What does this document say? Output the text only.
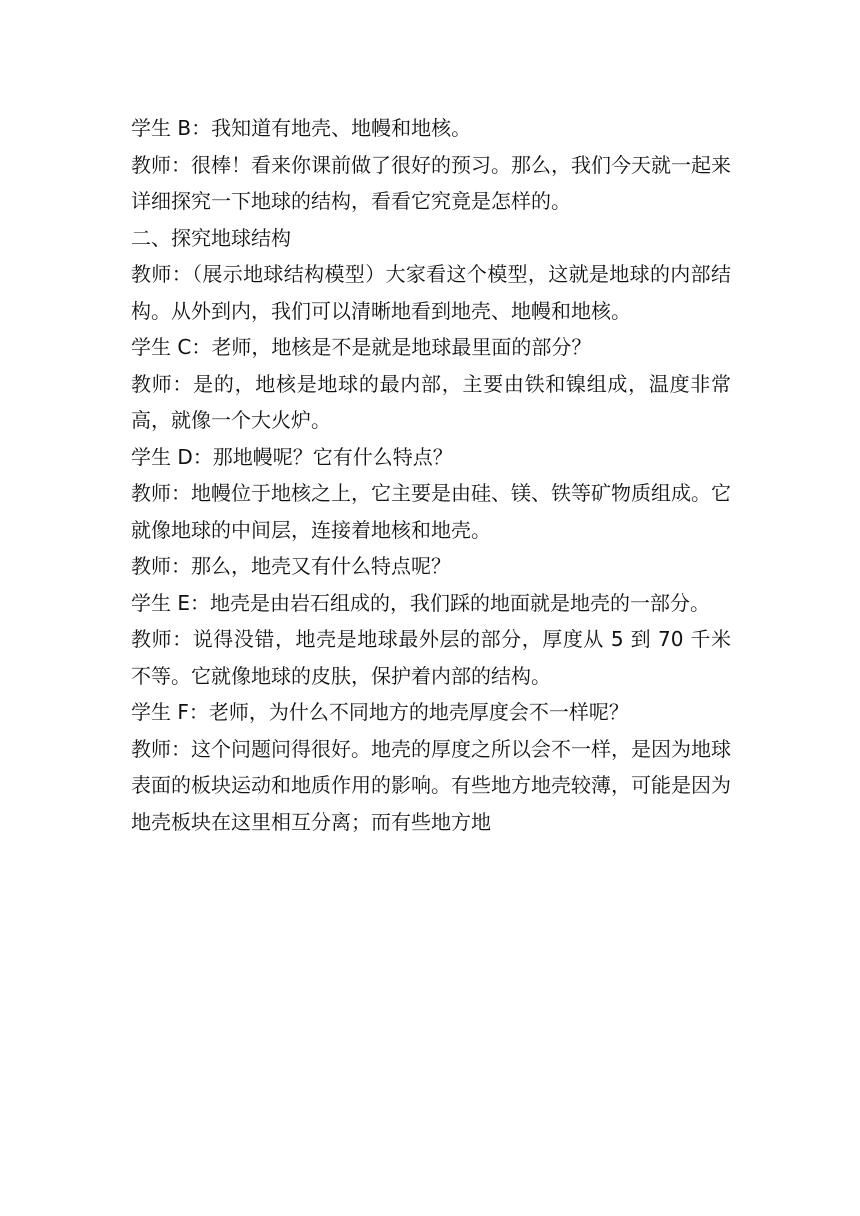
学生 B：我知道有地壳、地幔和地核。

教师：很棒！看来你课前做了很好的预习。那么，我们今天就一起来详细探究一下地球的结构，看看它究竟是怎样的。

二、探究地球结构

教师：（展示地球结构模型）大家看这个模型，这就是地球的内部结构。从外到内，我们可以清晰地看到地壳、地幔和地核。

学生 C：老师，地核是不是就是地球最里面的部分？

教师：是的，地核是地球的最内部，主要由铁和镍组成，温度非常高，就像一个大火炉。

学生 D：那地幔呢？它有什么特点？

教师：地幔位于地核之上，它主要是由硅、镁、铁等矿物质组成。它就像地球的中间层，连接着地核和地壳。

教师：那么，地壳又有什么特点呢？

学生 E：地壳是由岩石组成的，我们踩的地面就是地壳的一部分。

教师：说得没错，地壳是地球最外层的部分，厚度从 5 到 70 千米不等。它就像地球的皮肤，保护着内部的结构。

学生 F：老师，为什么不同地方的地壳厚度会不一样呢？

教师：这个问题问得很好。地壳的厚度之所以会不一样，是因为地球表面的板块运动和地质作用的影响。有些地方地壳较薄，可能是因为地壳板块在这里相互分离；而有些地方地
